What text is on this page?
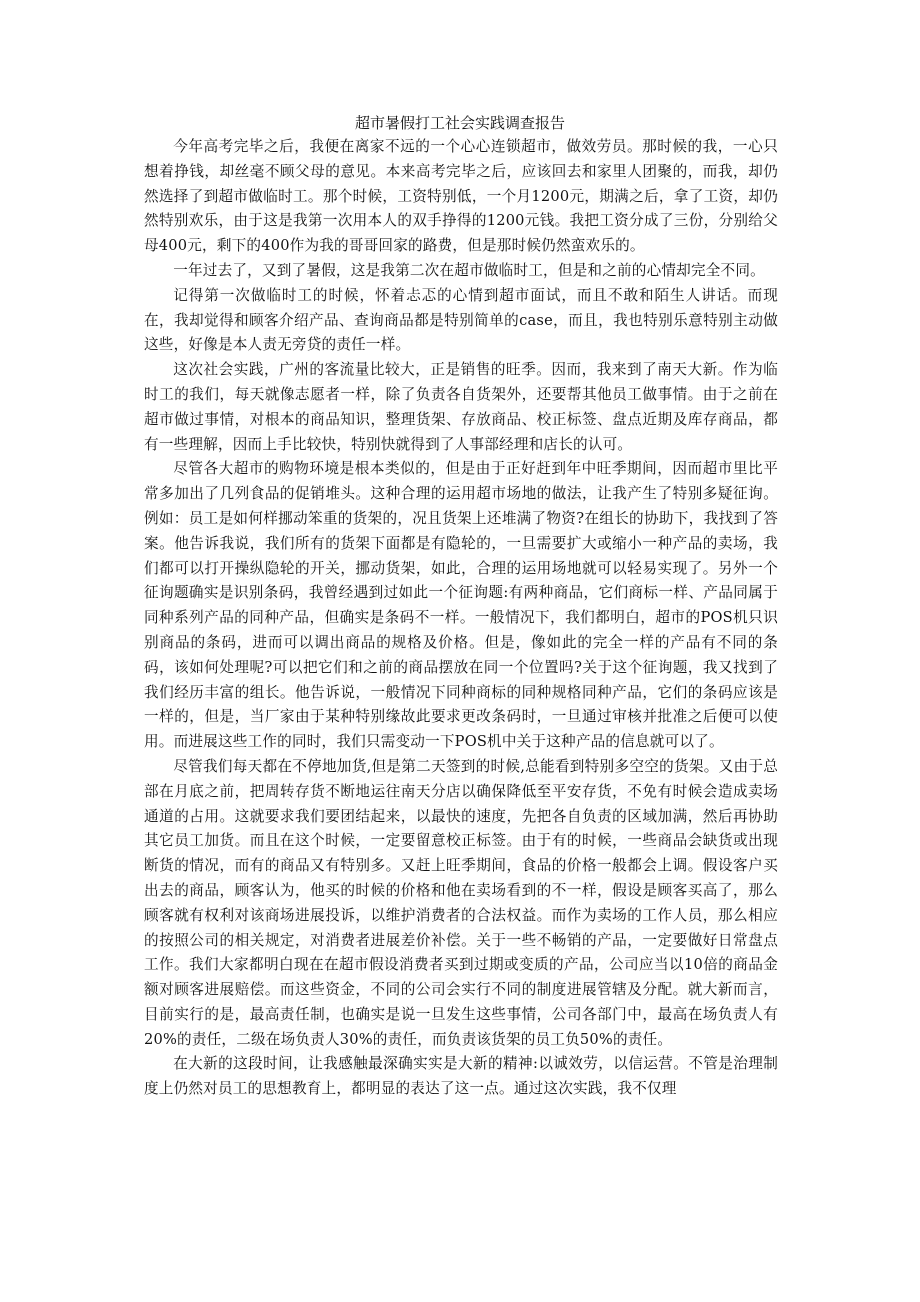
超市暑假打工社会实践调查报告

今年高考完毕之后，我便在离家不远的一个心心连锁超市，做效劳员。那时候的我，一心只想着挣钱，却丝毫不顾父母的意见。本来高考完毕之后，应该回去和家里人团聚的，而我，却仍然选择了到超市做临时工。那个时候，工资特别低，一个月1200元，期满之后，拿了工资，却仍然特别欢乐，由于这是我第一次用本人的双手挣得的1200元钱。我把工资分成了三份，分别给父母400元，剩下的400作为我的哥哥回家的路费，但是那时候仍然蛮欢乐的。

一年过去了，又到了暑假，这是我第二次在超市做临时工，但是和之前的心情却完全不同。

记得第一次做临时工的时候，怀着忐忑的心情到超市面试，而且不敢和陌生人讲话。而现在，我却觉得和顾客介绍产品、查询商品都是特别简单的case，而且，我也特别乐意特别主动做这些，好像是本人责无旁贷的责任一样。

这次社会实践，广州的客流量比较大，正是销售的旺季。因而，我来到了南天大新。作为临时工的我们，每天就像志愿者一样，除了负责各自货架外，还要帮其他员工做事情。由于之前在超市做过事情，对根本的商品知识，整理货架、存放商品、校正标签、盘点近期及库存商品，都有一些理解，因而上手比较快，特别快就得到了人事部经理和店长的认可。

尽管各大超市的购物环境是根本类似的，但是由于正好赶到年中旺季期间，因而超市里比平常多加出了几列食品的促销堆头。这种合理的运用超市场地的做法，让我产生了特别多疑征询。例如：员工是如何样挪动笨重的货架的，况且货架上还堆满了物资?在组长的协助下，我找到了答案。他告诉我说，我们所有的货架下面都是有隐轮的，一旦需要扩大或缩小一种产品的卖场，我们都可以打开操纵隐轮的开关，挪动货架，如此，合理的运用场地就可以轻易实现了。另外一个征询题确实是识别条码，我曾经遇到过如此一个征询题:有两种商品，它们商标一样、产品同属于同种系列产品的同种产品，但确实是条码不一样。一般情况下，我们都明白，超市的POS机只识别商品的条码，进而可以调出商品的规格及价格。但是，像如此的完全一样的产品有不同的条码，该如何处理呢?可以把它们和之前的商品摆放在同一个位置吗?关于这个征询题，我又找到了我们经历丰富的组长。他告诉说，一般情况下同种商标的同种规格同种产品，它们的条码应该是一样的，但是，当厂家由于某种特别缘故此要求更改条码时，一旦通过审核并批准之后便可以使用。而进展这些工作的同时，我们只需变动一下POS机中关于这种产品的信息就可以了。

尽管我们每天都在不停地加货,但是第二天签到的时候,总能看到特别多空空的货架。又由于总部在月底之前，把周转存货不断地运往南天分店以确保降低至平安存货，不免有时候会造成卖场通道的占用。这就要求我们要团结起来，以最快的速度，先把各自负责的区域加满，然后再协助其它员工加货。而且在这个时候，一定要留意校正标签。由于有的时候，一些商品会缺货或出现断货的情况，而有的商品又有特别多。又赶上旺季期间，食品的价格一般都会上调。假设客户买出去的商品，顾客认为，他买的时候的价格和他在卖场看到的不一样，假设是顾客买高了，那么顾客就有权利对该商场进展投诉，以维护消费者的合法权益。而作为卖场的工作人员，那么相应的按照公司的相关规定，对消费者进展差价补偿。关于一些不畅销的产品，一定要做好日常盘点工作。我们大家都明白现在在超市假设消费者买到过期或变质的产品，公司应当以10倍的商品金额对顾客进展赔偿。而这些资金，不同的公司会实行不同的制度进展管辖及分配。就大新而言，目前实行的是，最高责任制，也确实是说一旦发生这些事情，公司各部门中，最高在场负责人有20%的责任，二级在场负责人30%的责任，而负责该货架的员工负50%的责任。

在大新的这段时间，让我感触最深确实实是大新的精神:以诚效劳，以信运营。不管是治理制度上仍然对员工的思想教育上，都明显的表达了这一点。通过这次实践，我不仅理
